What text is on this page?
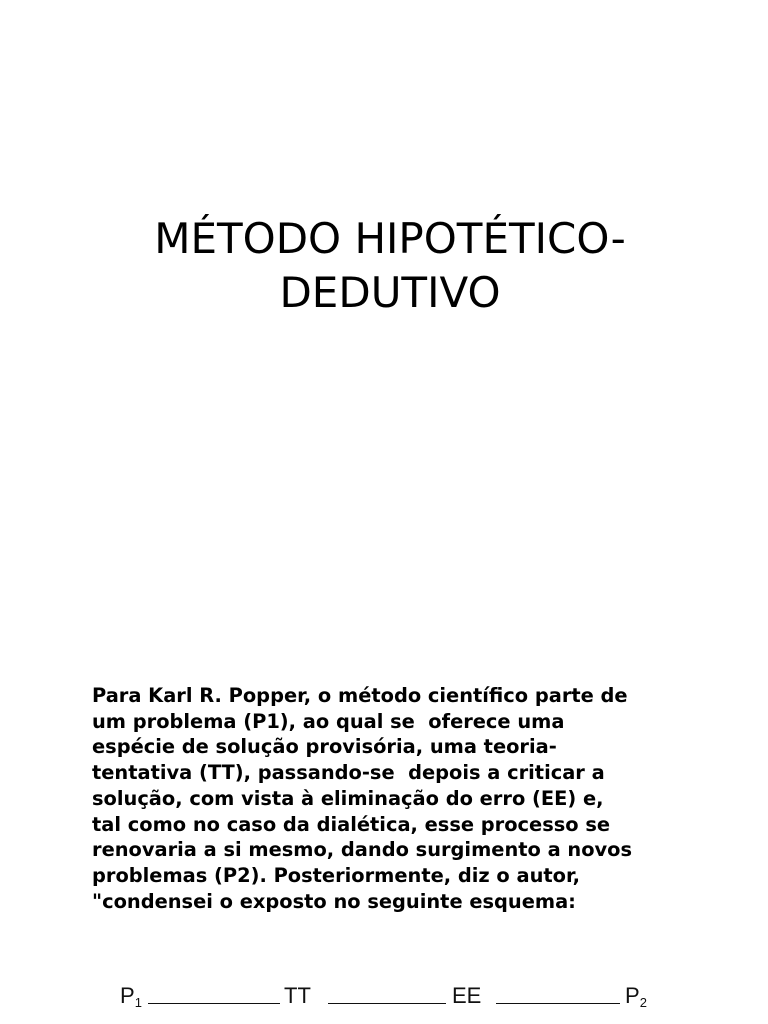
MÉTODO HIPOTÉTICO-
DEDUTIVO

Para Karl R. Popper, o método científico parte de
um problema (P1), ao qual se  oferece uma
espécie de solução provisória, uma teoria-
tentativa (TT), passando-se  depois a criticar a
solução, com vista à eliminação do erro (EE) e,
tal como no caso da dialética, esse processo se
renovaria a si mesmo, dando surgimento a novos
problemas (P2). Posteriormente, diz o autor,
"condensei o exposto no seguinte esquema:

$P_1$	TT	EE	$P_2$
